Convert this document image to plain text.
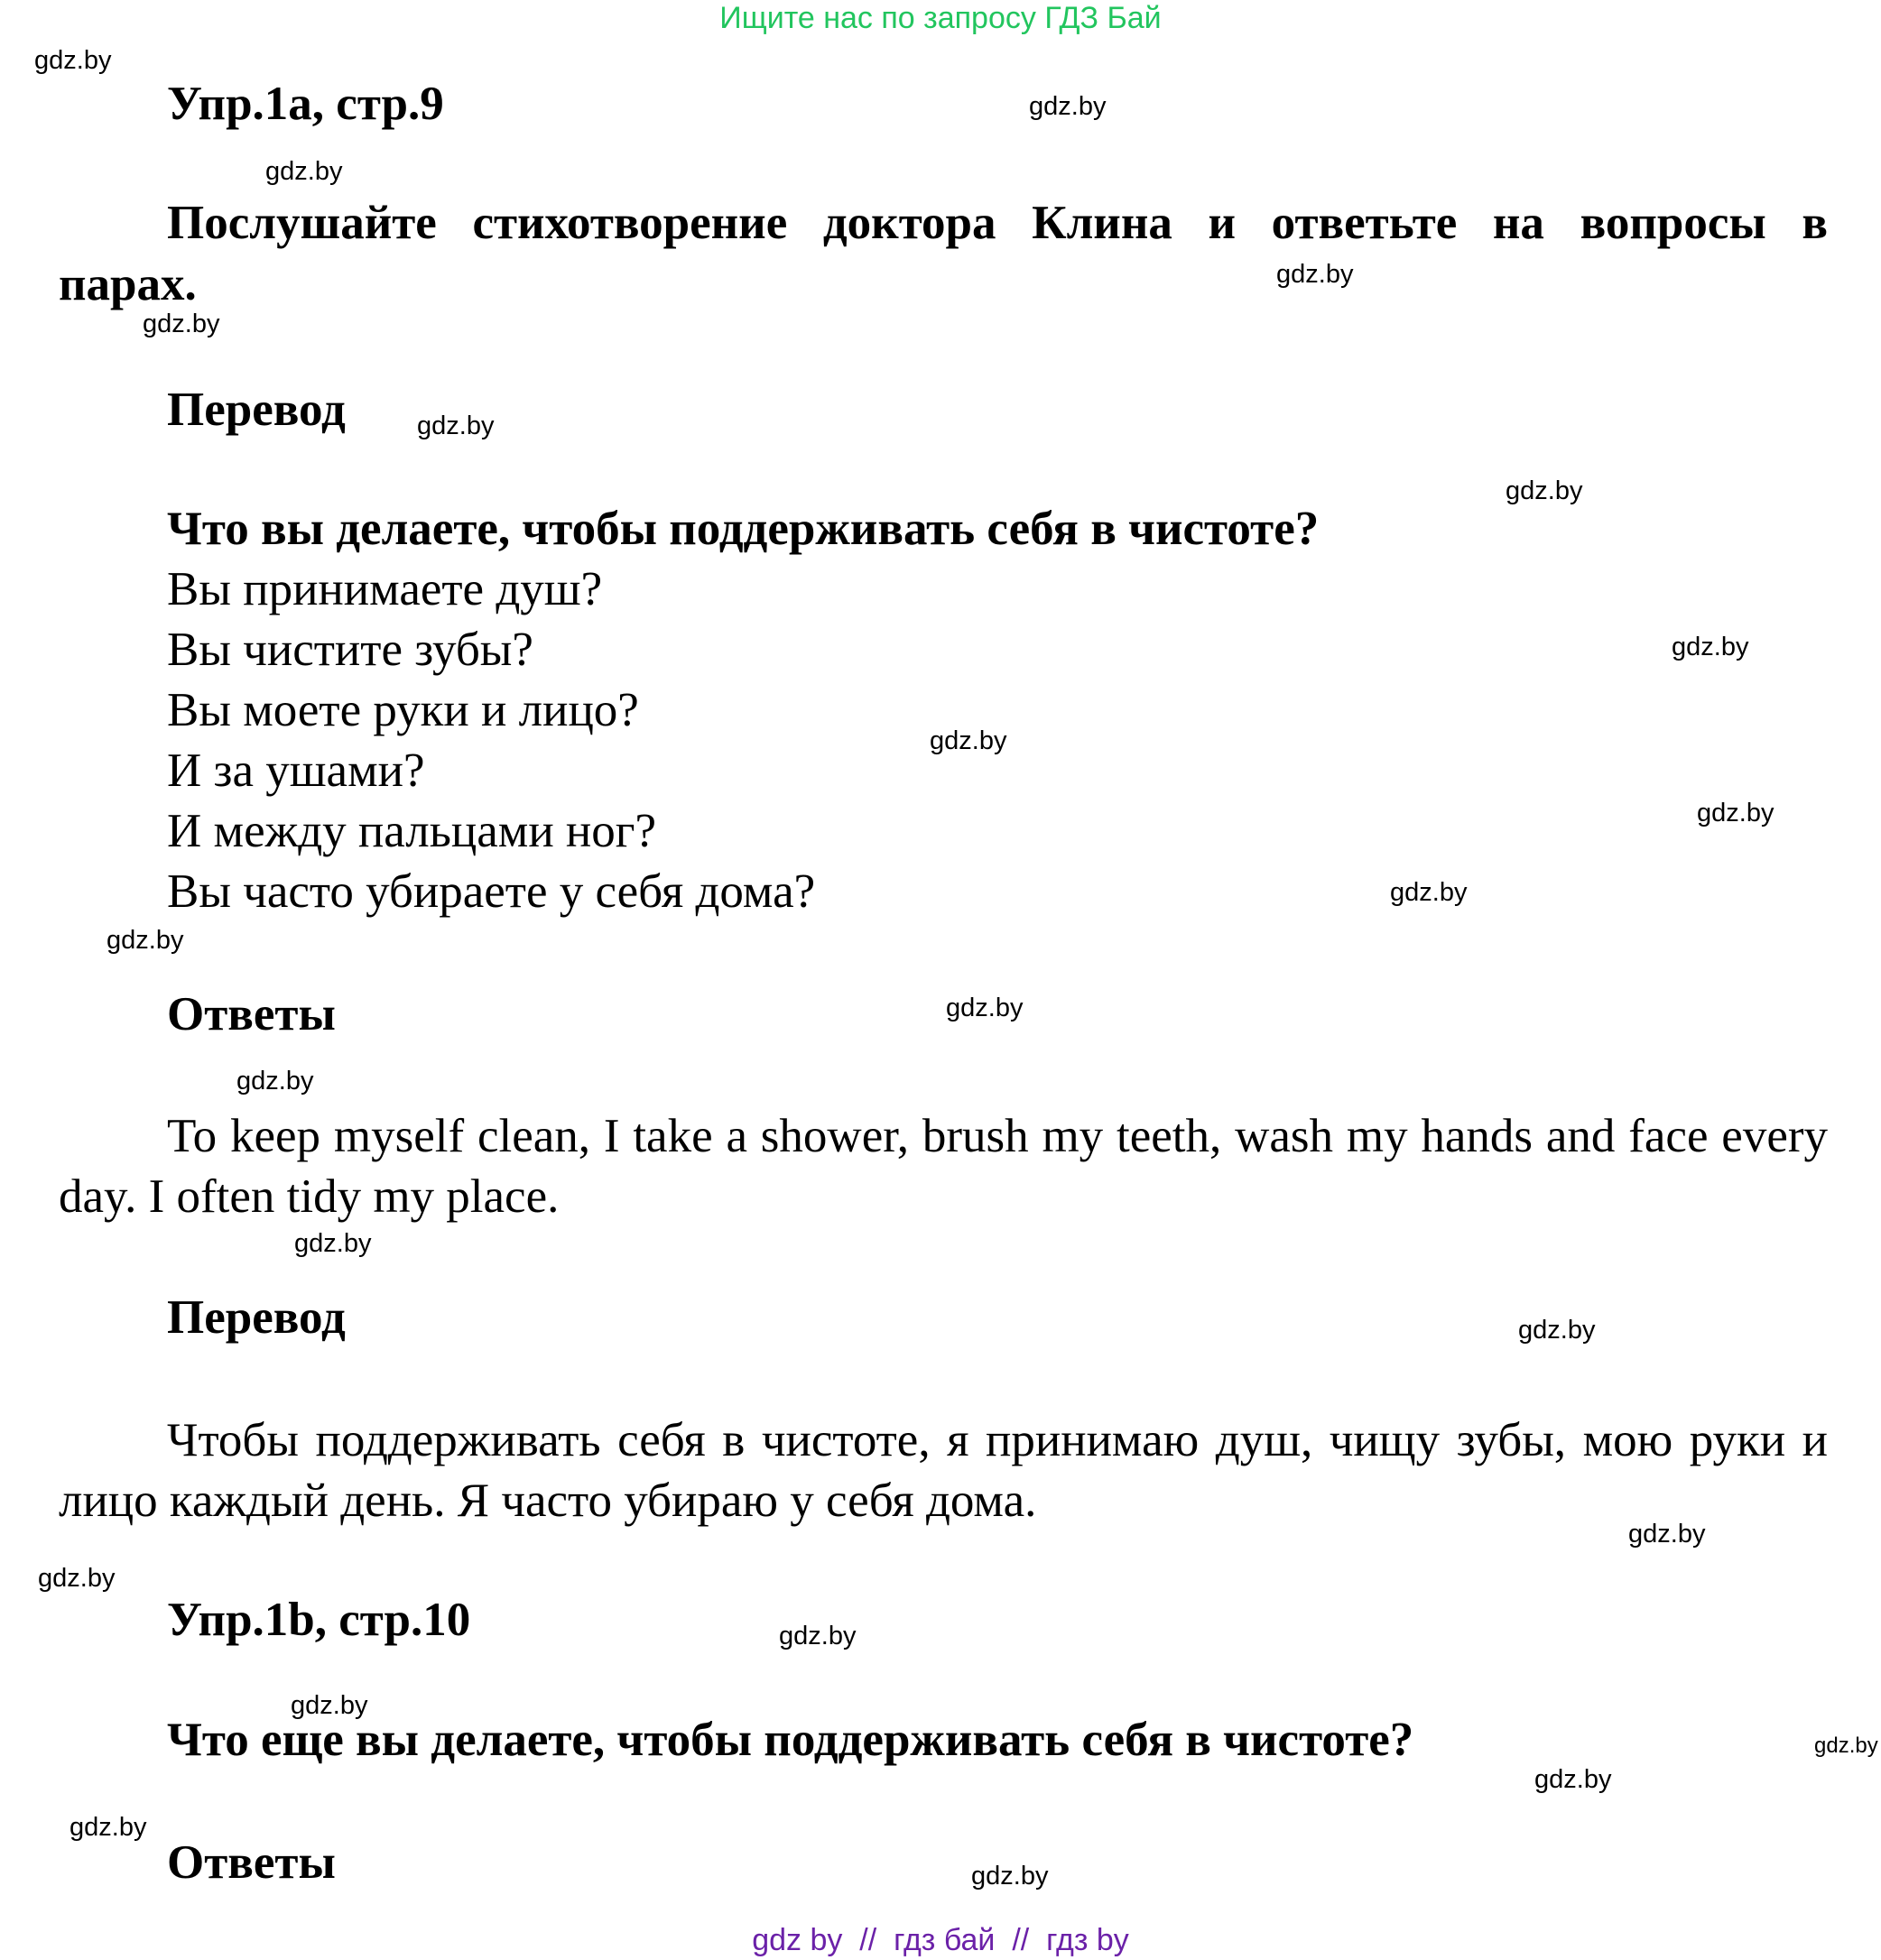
Ищите нас по запросу ГДЗ Бай
Упр.1а, стр.9
Послушайте стихотворение доктора Клина и ответьте на вопросы в
парах.
Перевод
Что вы делаете, чтобы поддерживать себя в чистоте?
Вы принимаете душ?
Вы чистите зубы?
Вы моете руки и лицо?
И за ушами?
И между пальцами ног?
Вы часто убираете у себя дома?
Ответы
To keep myself clean, I take a shower, brush my teeth, wash my hands and face every day. I often tidy my place.
Перевод
Чтобы поддерживать себя в чистоте, я принимаю душ, чищу зубы, мою руки и лицо каждый день. Я часто убираю у себя дома.
Упр.1b, стр.10
Что еще вы делаете, чтобы поддерживать себя в чистоте?
Ответы
gdz.by
gdz.by
gdz.by
gdz.by
gdz.by
gdz.by
gdz.by
gdz.by
gdz.by
gdz.by
gdz.by
gdz.by
gdz.by
gdz.by
gdz.by
gdz.by
gdz.by
gdz.by
gdz.by
gdz.by
gdz.by
gdz.by
gdz.by
gdz.by
gdz by  //  гдз бай  //  гдз by
